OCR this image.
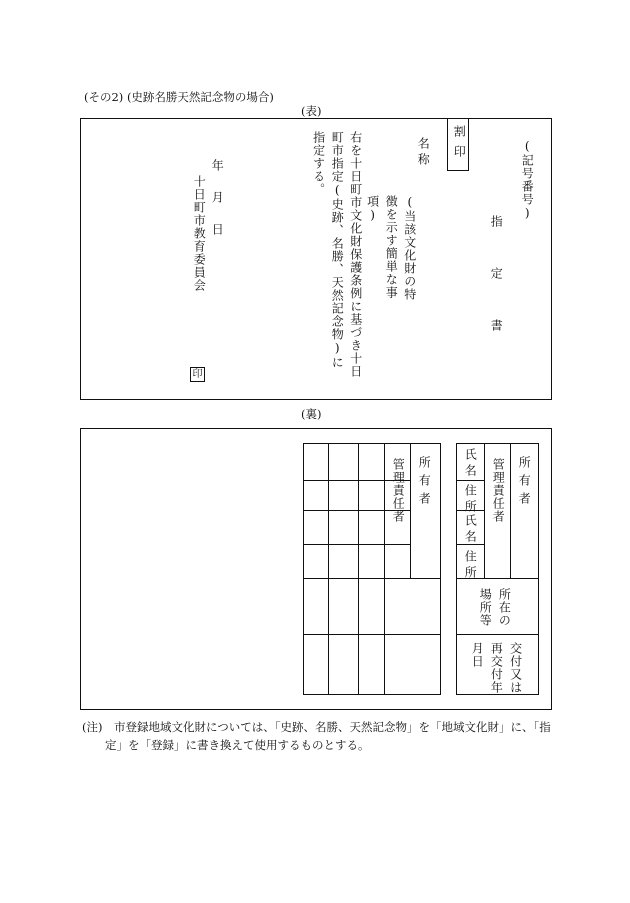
(その2) (史跡名勝天然記念物の場合)
(表)
(記号番号)
指　定　書
割印
名称
(当該文化財の特徴を示す簡単な事項)
右を十日町市文化財保護条例に基づき十日町市指定(史跡、名勝、天然記念物)に指定する。
年　月　日
十日町市教育委員会
印
(裏)
所有者
管理責任者
氏名
住所
氏名
住所
所在の場所等
交付又は再交付年月日
所有者
管理責任者
(注)　市登録地域文化財については、「史跡、名勝、天然記念物」を「地域文化財」に、「指定」を「登録」に書き換えて使用するものとする。
